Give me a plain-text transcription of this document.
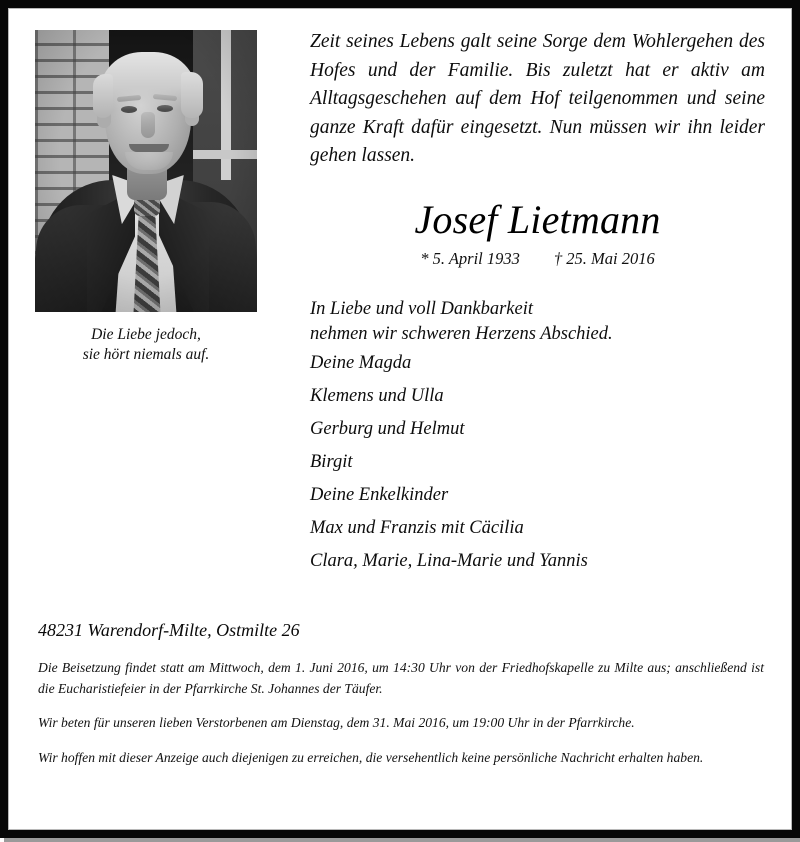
Die Liebe jedoch,
sie hört niemals auf.

Zeit seines Lebens galt seine Sorge dem Wohlergehen des Hofes und der Familie. Bis zuletzt hat er aktiv am Alltagsgeschehen auf dem Hof teilgenommen und seine ganze Kraft dafür eingesetzt. Nun müssen wir ihn leider gehen lassen.

Josef Lietmann
* 5. April 1933 † 25. Mai 2016
In Liebe und voll Dankbarkeit
nehmen wir schweren Herzens Abschied.
Deine Magda
Klemens und Ulla
Gerburg und Helmut
Birgit
Deine Enkelkinder
Max und Franzis mit Cäcilia
Clara, Marie, Lina-Marie und Yannis
48231 Warendorf-Milte, Ostmilte 26

Die Beisetzung findet statt am Mittwoch, dem 1. Juni 2016, um 14:30 Uhr von der Friedhofskapelle zu Milte aus; anschließend ist die Eucharistiefeier in der Pfarrkirche St. Johannes der Täufer.

Wir beten für unseren lieben Verstorbenen am Dienstag, dem 31. Mai 2016, um 19:00 Uhr in der Pfarrkirche.

Wir hoffen mit dieser Anzeige auch diejenigen zu erreichen, die versehentlich keine persönliche Nachricht erhalten haben.
